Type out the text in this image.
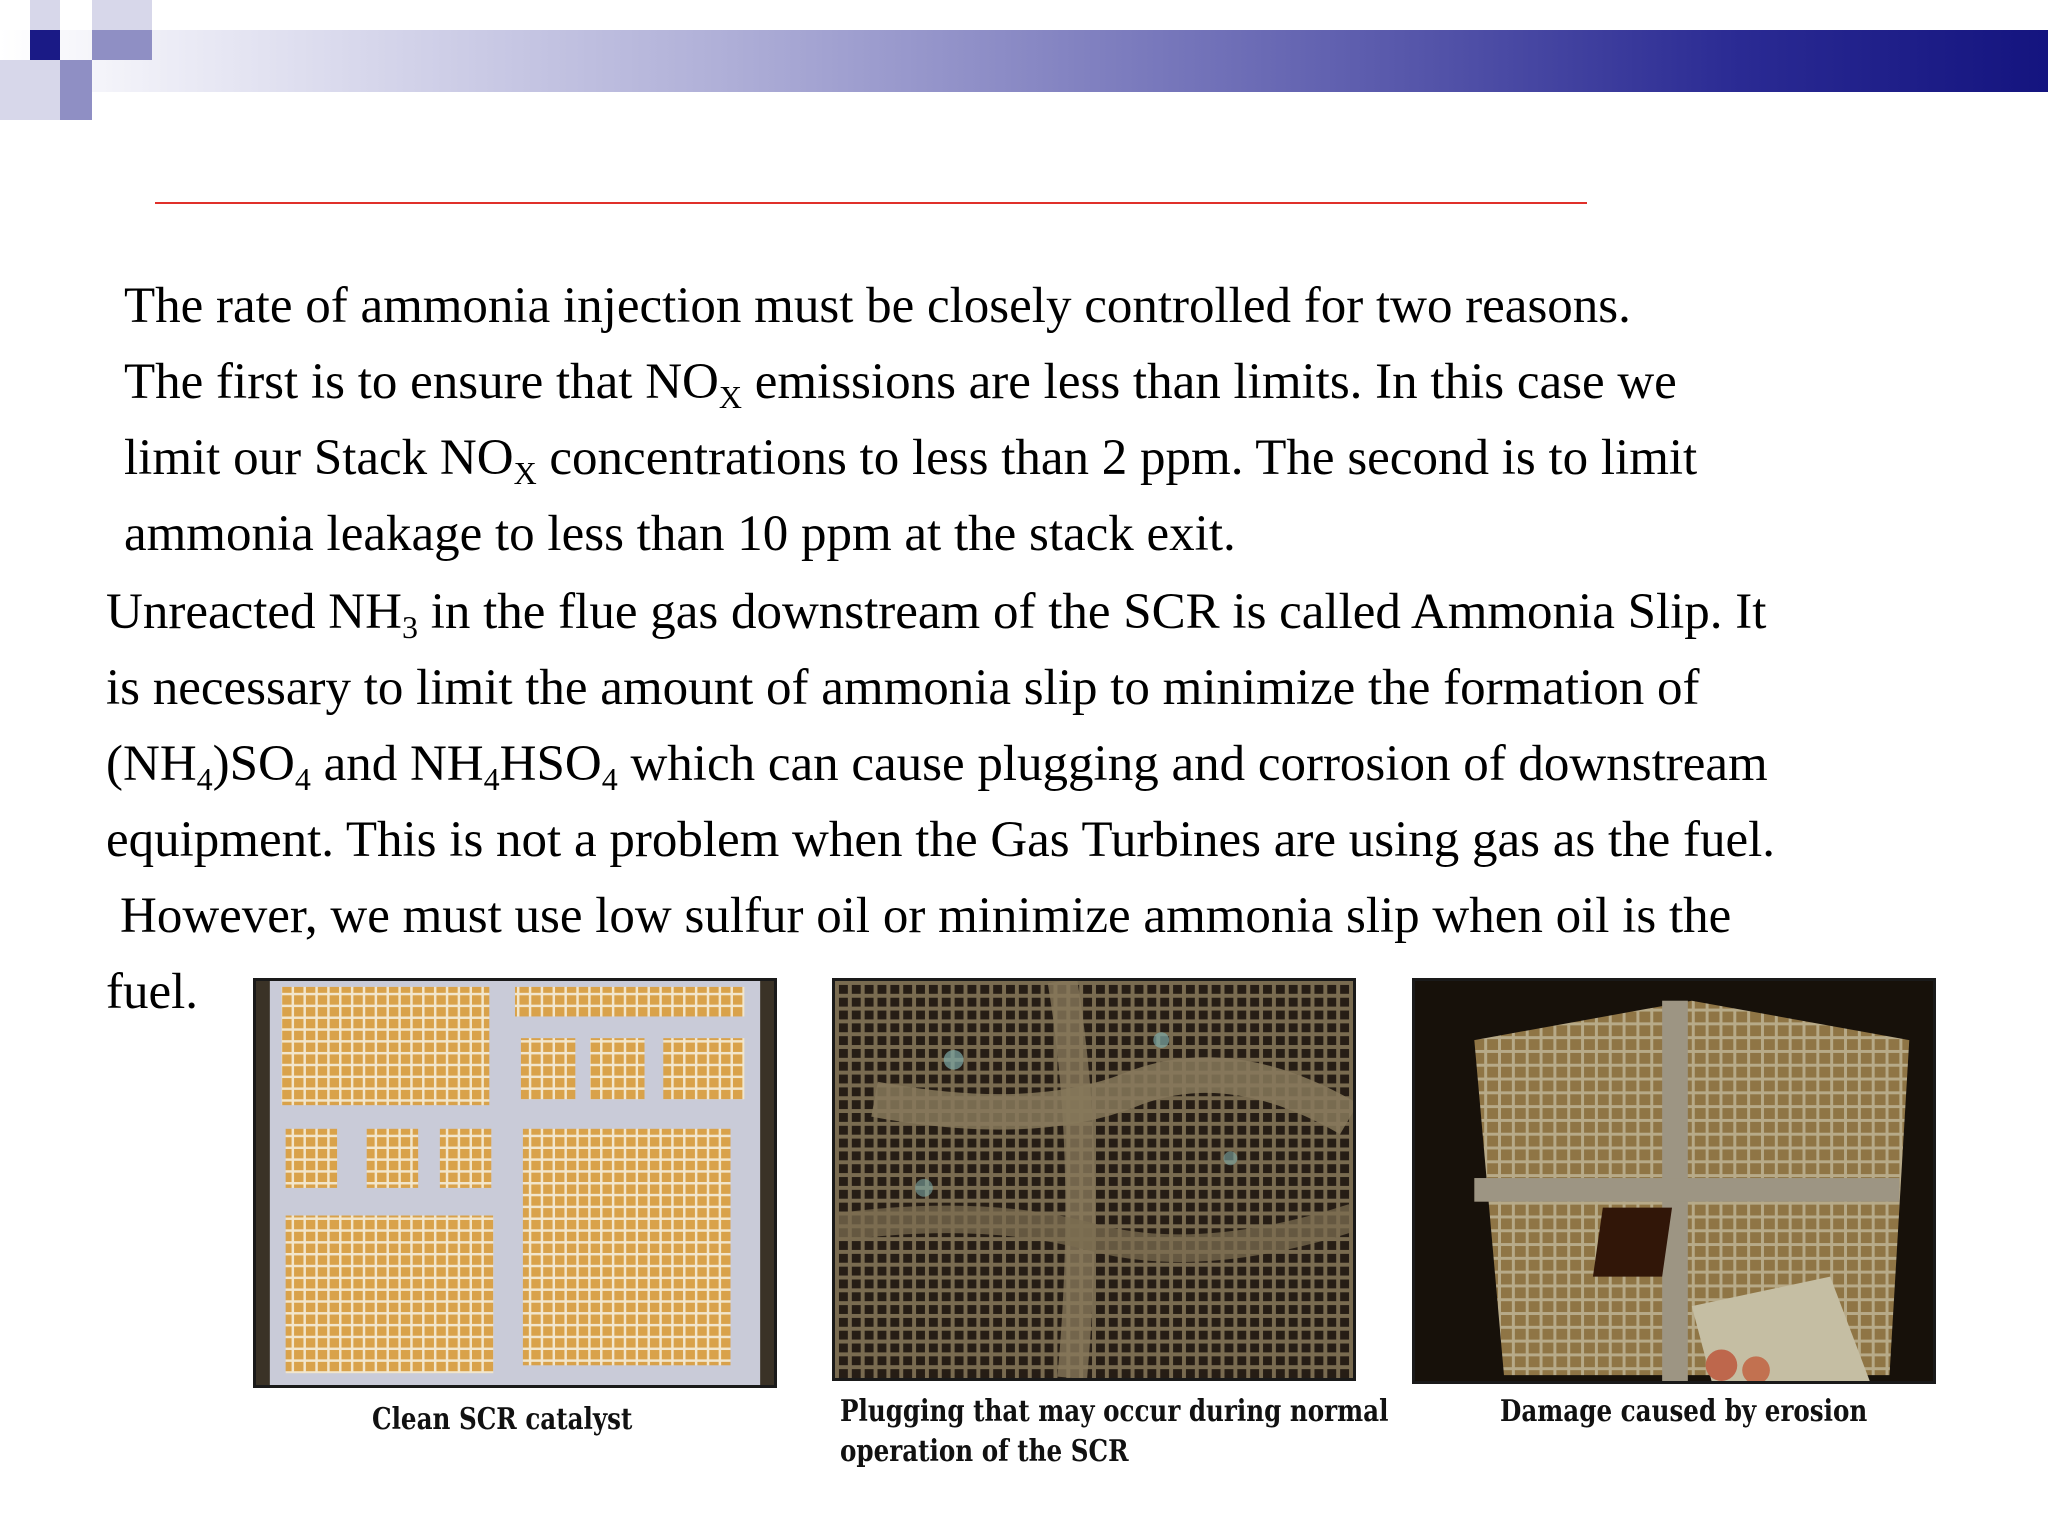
The rate of ammonia injection must be closely controlled for two reasons.
The first is to ensure that $NO_X$ emissions are less than limits. In this case we
limit our Stack $NO_X$ concentrations to less than 2 ppm. The second is to limit
ammonia leakage to less than 10 ppm at the stack exit.
Unreacted $NH_3$ in the flue gas downstream of the SCR is called Ammonia Slip. It
is necessary to limit the amount of ammonia slip to minimize the formation of
$(NH_4)SO_4$ and $NH_4HSO_4$ which can cause plugging and corrosion of downstream
equipment. This is not a problem when the Gas Turbines are using gas as the fuel.
However, we must use low sulfur oil or minimize ammonia slip when oil is the
fuel.
Clean SCR catalyst	Plugging that may occur during normal
operation of the SCR
Damage caused by erosion
